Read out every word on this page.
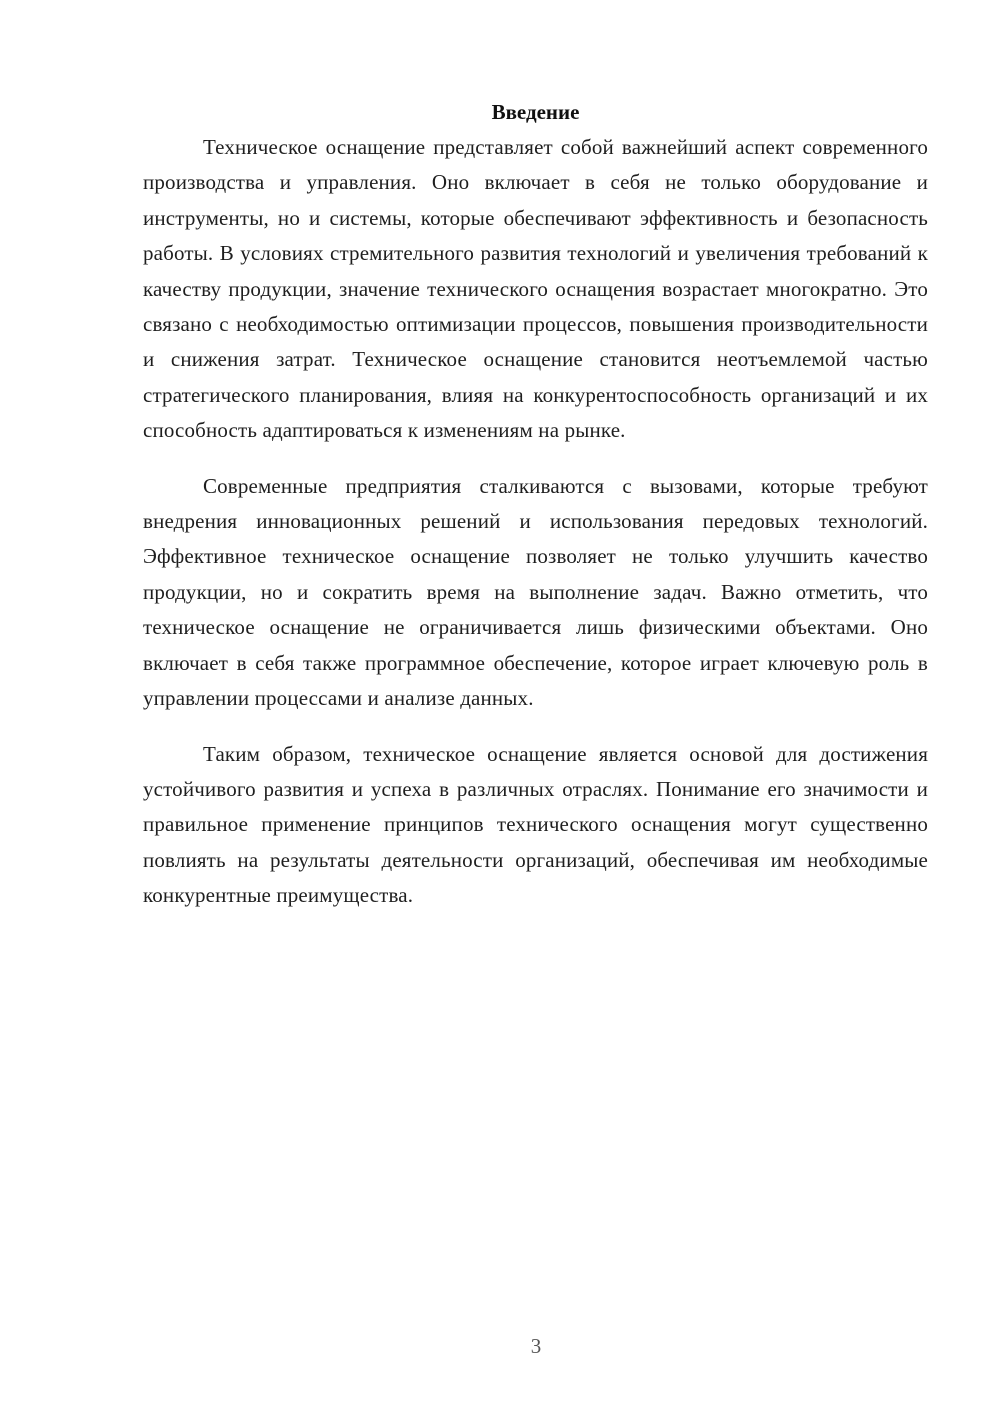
Введение

Техническое оснащение представляет собой важнейший аспект современного производства и управления. Оно включает в себя не только оборудование и инструменты, но и системы, которые обеспечивают эффективность и безопасность работы. В условиях стремительного развития технологий и увеличения требований к качеству продукции, значение технического оснащения возрастает многократно. Это связано с необходимостью оптимизации процессов, повышения производительности и снижения затрат. Техническое оснащение становится неотъемлемой частью стратегического планирования, влияя на конкурентоспособность организаций и их способность адаптироваться к изменениям на рынке.

Современные предприятия сталкиваются с вызовами, которые требуют внедрения инновационных решений и использования передовых технологий. Эффективное техническое оснащение позволяет не только улучшить качество продукции, но и сократить время на выполнение задач. Важно отметить, что техническое оснащение не ограничивается лишь физическими объектами. Оно включает в себя также программное обеспечение, которое играет ключевую роль в управлении процессами и анализе данных.

Таким образом, техническое оснащение является основой для достижения устойчивого развития и успеха в различных отраслях. Понимание его значимости и правильное применение принципов технического оснащения могут существенно повлиять на результаты деятельности организаций, обеспечивая им необходимые конкурентные преимущества.

3
